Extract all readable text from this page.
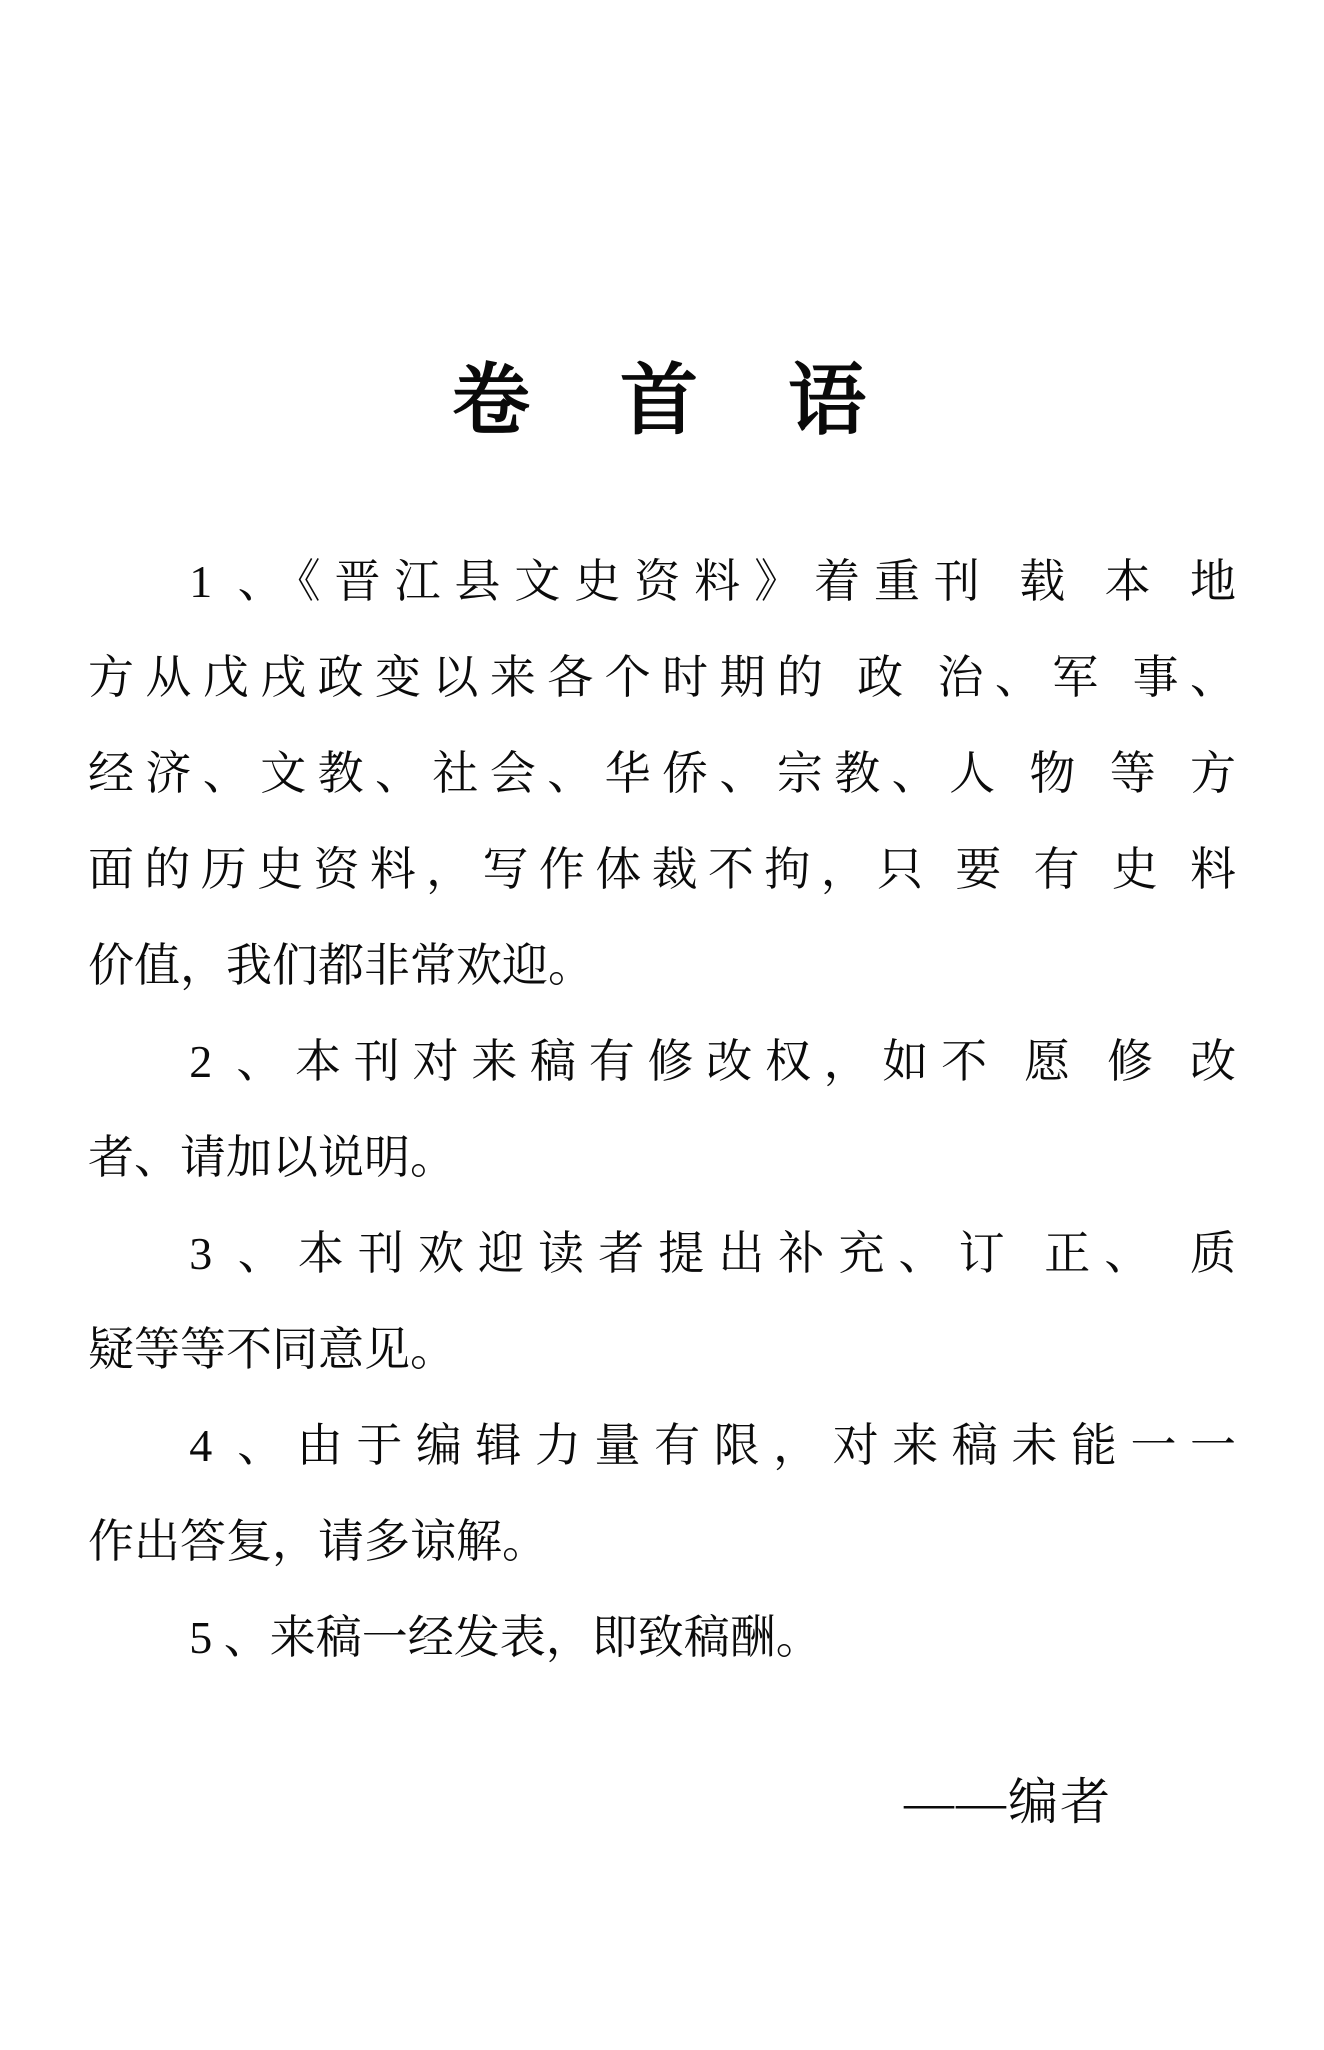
卷　首　语
1 、《晋江县文史资料》着重刊 载 本 地
方从戊戌政变以来各个时期的 政 治、军 事、
经济、文教、社会、华侨、宗教、人 物 等 方
面的历史资料，写作体裁不拘，只 要 有 史 料
价值，我们都非常欢迎。
2 、本刊对来稿有修改权，如不 愿 修 改
者、请加以说明。
3 、本刊欢迎读者提出补充、订 正、 质
疑等等不同意见。
4 、由于编辑力量有限，对来稿未能一一
作出答复，请多谅解。
5 、来稿一经发表，即致稿酬。
——编者
